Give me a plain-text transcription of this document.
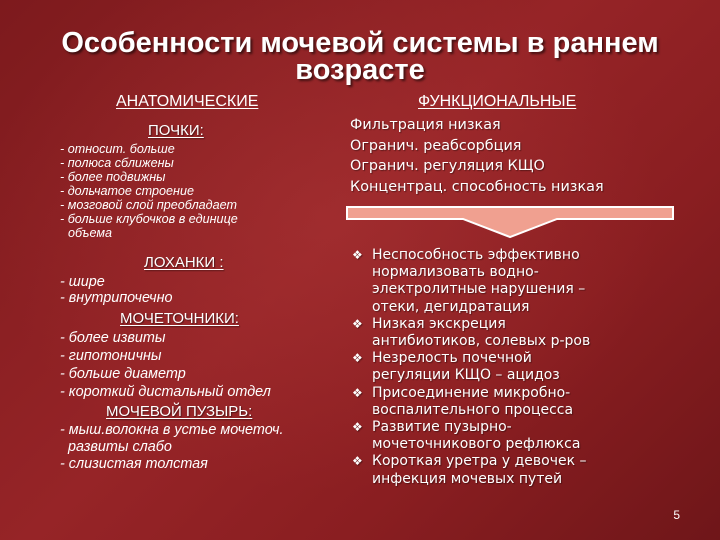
Особенности мочевой системы в раннем
возрасте
АНАТОМИЧЕСКИЕ	ФУНКЦИОНАЛЬНЫЕ
ПОЧКИ:
- относит. больше
- полюса сближены
- более подвижны
- дольчатое строение
- мозговой слой преобладает
- больше клубочков в единице
объема
ЛОХАНКИ :
- шире
- внутрипочечно
МОЧЕТОЧНИКИ:
- более извиты
- гипотоничны
- больше диаметр
- короткий дистальный отдел
МОЧЕВОЙ ПУЗЫРЬ:
- мыш.волокна в устье мочеточ.
развиты слабо
- слизистая толстая
Фильтрация низкая
Огранич. реабсорбция
Огранич. регуляция КЩО
Концентрац. способность низкая
❖ Неспособность эффективно
нормализовать водно-
электролитные нарушения –
отеки, дегидратация
❖ Низкая экскреция
антибиотиков, солевых р-ров
❖ Незрелость почечной
регуляции КЩО – ацидоз
❖ Присоединение микробно-
воспалительного процесса
❖ Развитие пузырно-
мочеточникового рефлюкса
❖ Короткая уретра у девочек –
инфекция мочевых путей
5
